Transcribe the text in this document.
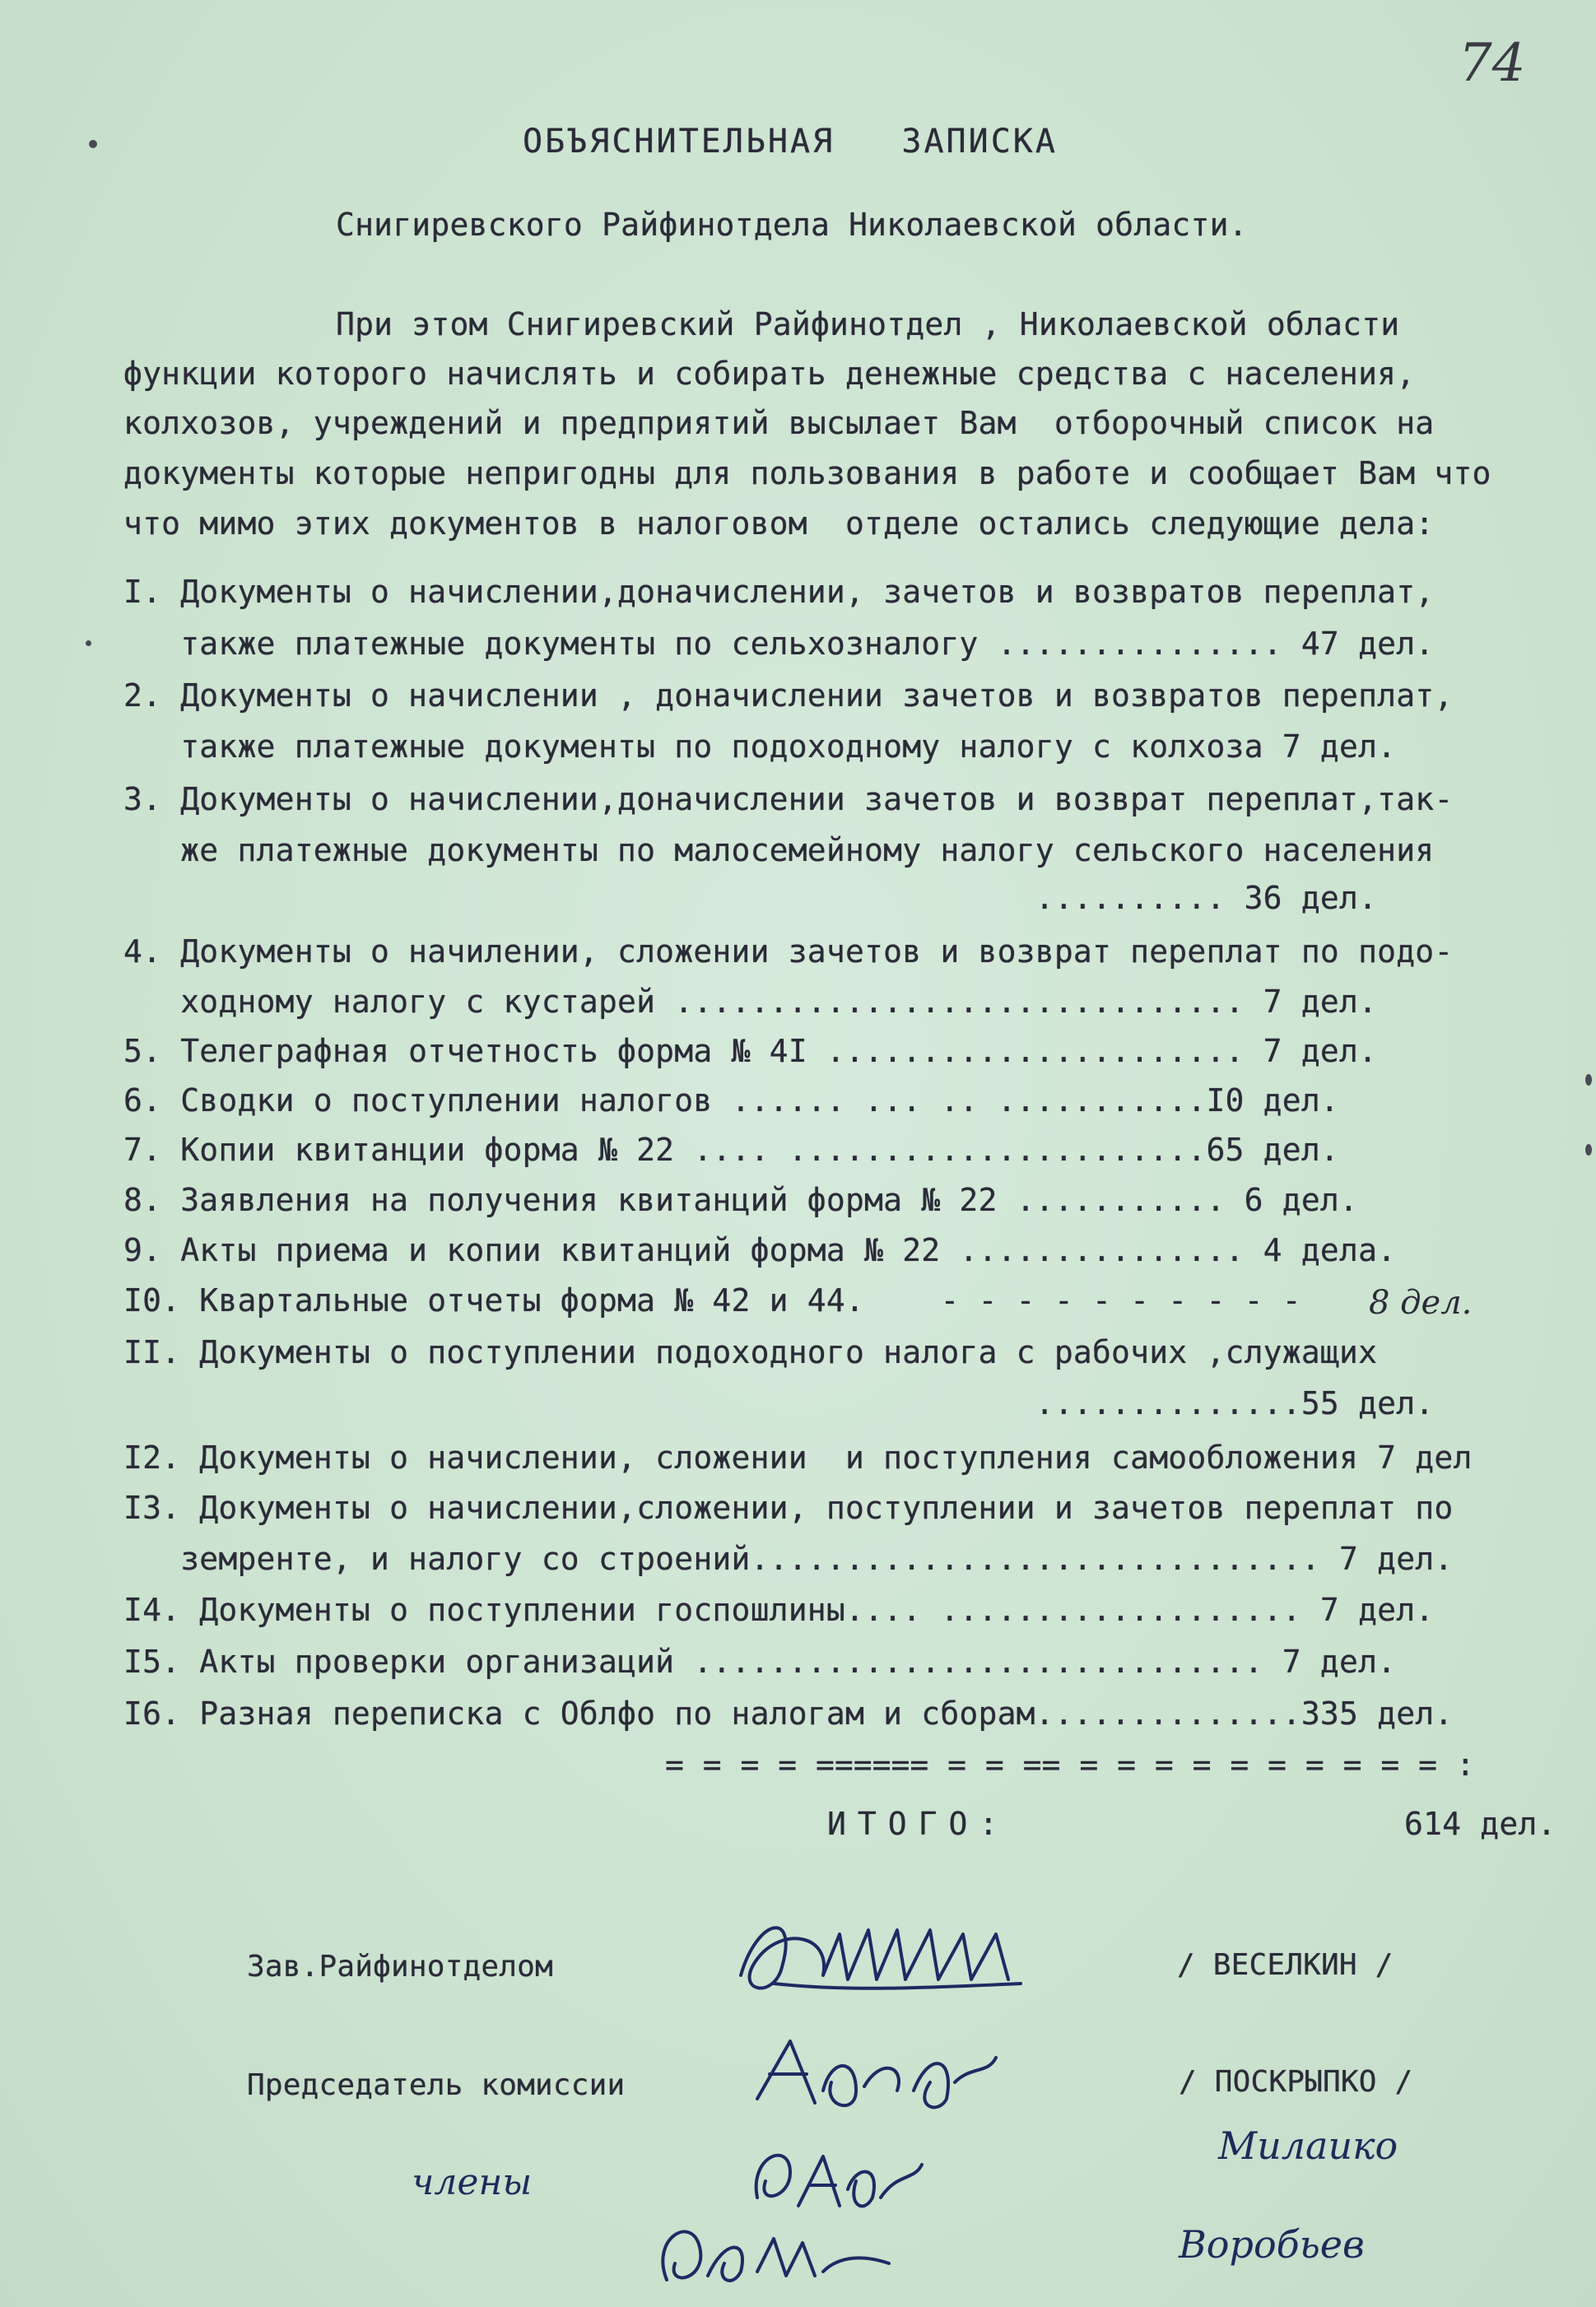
74
ОБЪЯСНИТЕЛЬНАЯ   ЗАПИСКА
Снигиревского Райфинотдела Николаевской области.
При этом Снигиревский Райфинотдел , Николаевской области
функции которого начислять и собирать денежные средства с населения,
колхозов, учреждений и предприятий высылает Вам  отборочный список на
документы которые непригодны для пользования в работе и сообщает Вам что
что мимо этих документов в налоговом  отделе остались следующие дела:
I. Документы о начислении,доначислении, зачетов и возвратов переплат,
также платежные документы по сельхозналогу ............... 47 дел.
2. Документы о начислении , доначислении зачетов и возвратов переплат,
также платежные документы по подоходному налогу с колхоза 7 дел.
3. Документы о начислении,доначислении зачетов и возврат переплат,так-
же платежные документы по малосемейному налогу сельского населения
.......... 36 дел.
4. Документы о начилении, сложении зачетов и возврат переплат по подо-
ходному налогу с кустарей .............................. 7 дел.
5. Телеграфная отчетность форма № 4I ...................... 7 дел.
6. Сводки о поступлении налогов ...... ... .. ...........I0 дел.
7. Копии квитанции форма № 22 .... ......................65 дел.
8. Заявления на получения квитанций форма № 22 ........... 6 дел.
9. Акты приема и копии квитанций форма № 22 ............... 4 дела.
I0. Квартальные отчеты форма № 42 и 44.    - - - - - - - - - - 8 дел.
II. Документы о поступлении подоходного налога с рабочих ,служащих
..............55 дел.
I2. Документы о начислении, сложении  и поступления самообложения 7 дел
I3. Документы о начислении,сложении, поступлении и зачетов переплат по
земренте, и налогу со строений.............................. 7 дел.
I4. Документы о поступлении госпошлины.... ................... 7 дел.
I5. Акты проверки организаций .............................. 7 дел.
I6. Разная переписка с Облфо по налогам и сборам..............335 дел.
= = = = ====== = = == = = = = = = = = = = :
ИТОГО:	614 дел.
Зав.Райфинотделом	/ ВЕСЕЛКИН /
Председатель комиссии	/ ПОСКРЫПКО /
члены
Милаико
Воробьев
